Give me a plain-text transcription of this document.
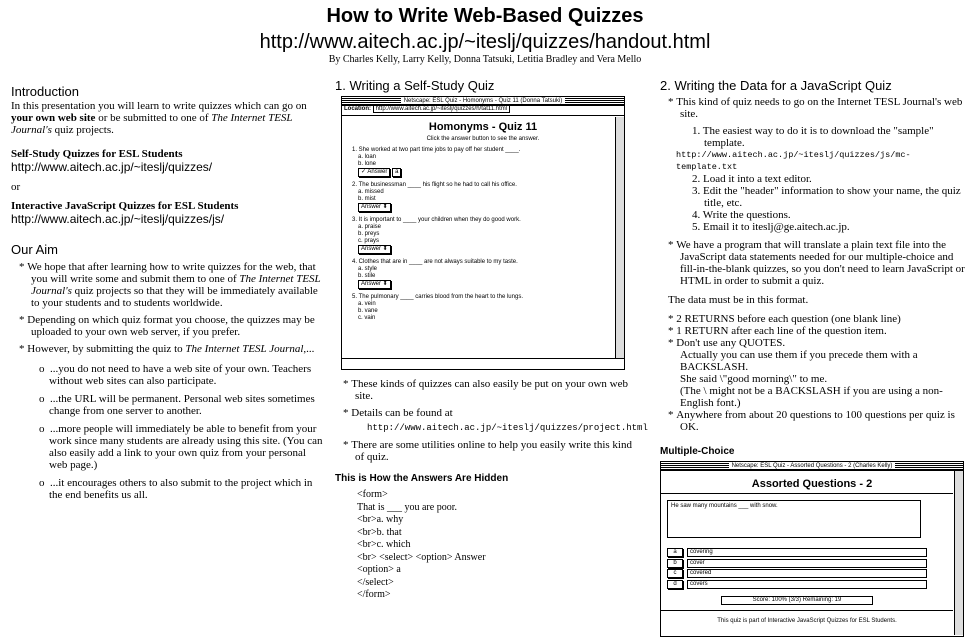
How to Write Web-Based Quizzes
http://www.aitech.ac.jp/~iteslj/quizzes/handout.html
By Charles Kelly, Larry Kelly, Donna Tatsuki, Letitia Bradley and Vera Mello
Introduction

In this presentation you will learn to write quizzes which can go on your own web site or be submitted to one of The Internet TESL Journal's quiz projects.

Self-Study Quizzes for ESL Students

http://www.aitech.ac.jp/~iteslj/quizzes/

or

Interactive JavaScript Quizzes for ESL Students

http://www.aitech.ac.jp/~iteslj/quizzes/js/

Our Aim

* We hope that after learning how to write quizzes for the web, that you will write some and submit them to one of The Internet TESL Journal's quiz projects so that they will be immediately available to your students and to students worldwide.

* Depending on which quiz format you choose, the quizzes may be uploaded to your own web server, if you prefer.

* However, by submitting the quiz to The Internet TESL Journal,...

o  ...you do not need to have a web site of your own. Teachers without web sites can also participate.

o  ...the URL will be permanent. Personal web sites sometimes change from one server to another.

o  ...more people will immediately be able to benefit from your work since many students are already using this site. (You can also easily add a link to your own quiz from your personal web page.)

o  ...it encourages others to also submit to the project which in the end benefits us all.

1. Writing a Self-Study Quiz
Netscape: ESL Quiz - Homonyms - Quiz 11 (Donna Tatsuki)
Location: http://www.aitech.ac.jp/~iteslj/quizzes/h/tat11.html
Homonyms - Quiz 11
Click the answer button to see the answer.
1. She worked at two part time jobs to pay off her student ____.
a. loan
b. lone
✓ Answer a
2. The businessman ____ his flight so he had to call his office.
a. missed
b. mist
Answer ⬍
3. It is important to ____ your children when they do good work.
a. praise
b. preys
c. prays
Answer ⬍
4. Clothes that are in ____ are not always suitable to my taste.
a. style
b. stile
Answer ⬍
5. The pulmonary ____ carries blood from the heart to the lungs.
a. vein
b. vane
c. vain

* These kinds of quizzes can also easily be put on your own web site.

* Details can be found at

http://www.aitech.ac.jp/~iteslj/quizzes/project.html

* There are some utilities online to help you easily write this kind of quiz.

This is How the Answers Are Hidden

<form>
That is ___ you are poor.
<br>a. why
<br>b. that
<br>c. which
<br> <select> <option> Answer
<option> a
</select>
</form>
2. Writing the Data for a JavaScript Quiz

* This kind of quiz needs to go on the Internet TESL Journal's web site.

1. The easiest way to do it is to download the "sample" template.

http://www.aitech.ac.jp/~iteslj/quizzes/js/mc-template.txt

2. Load it into a text editor.

3. Edit the "header" information to show your name, the quiz title, etc.

4. Write the questions.

5. Email it to iteslj@ge.aitech.ac.jp.

* We have a program that will translate a plain text file into the JavaScript data statements needed for our multiple-choice and fill-in-the-blank quizzes, so you don't need to learn JavaScript or HTML in order to submit a quiz.

The data must be in this format.

* 2 RETURNS before each question (one blank line)

* 1 RETURN after each line of the question item.

* Don't use any QUOTES.

Actually you can use them if you precede them with a BACKSLASH.

She said \"good morning\" to me.

(The \ might not be a BACKSLASH if you are using a non-English font.)

* Anywhere from about 20 questions to 100 questions per quiz is OK.

Multiple-Choice

Netscape: ESL Quiz - Assorted Questions - 2 (Charles Kelly)
Assorted Questions - 2
He saw many mountains ___ with snow.
a	covering
b	cover
c	covered
d	covers
Score: 100% (3/3) Remaining: 19
This quiz is part of Interactive JavaScript Quizzes for ESL Students.
